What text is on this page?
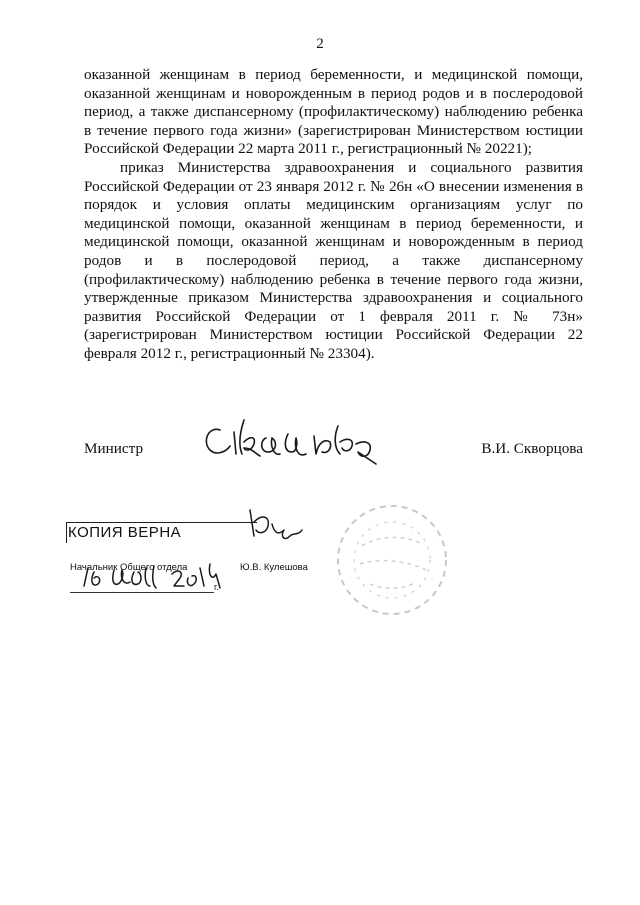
2

оказанной женщинам в период беременности, и медицинской помощи, оказанной женщинам и новорожденным в период родов и в послеродовой период, а также диспансерному (профилактическому) наблюдению ребенка в течение первого года жизни» (зарегистрирован Министерством юстиции Российской Федерации 22 марта 2011 г., регистрационный № 20221);

приказ Министерства здравоохранения и социального развития Российской Федерации от 23 января 2012 г. № 26н «О внесении изменения в порядок и условия оплаты медицинским организациям услуг по медицинской помощи, оказанной женщинам в период беременности, и медицинской помощи, оказанной женщинам и новорожденным в период родов и в послеродовой период, а также диспансерному (профилактическому) наблюдению ребенка в течение первого года жизни, утвержденные приказом Министерства здравоохранения и социального развития Российской Федерации от 1 февраля 2011 г. № 73н» (зарегистрирован Министерством юстиции Российской Федерации 22 февраля 2012 г., регистрационный № 23304).

Министр	В.И. Скворцова
КОПИЯ ВЕРНА
Начальник Общего отдела	Ю.В. Кулешова
г.
